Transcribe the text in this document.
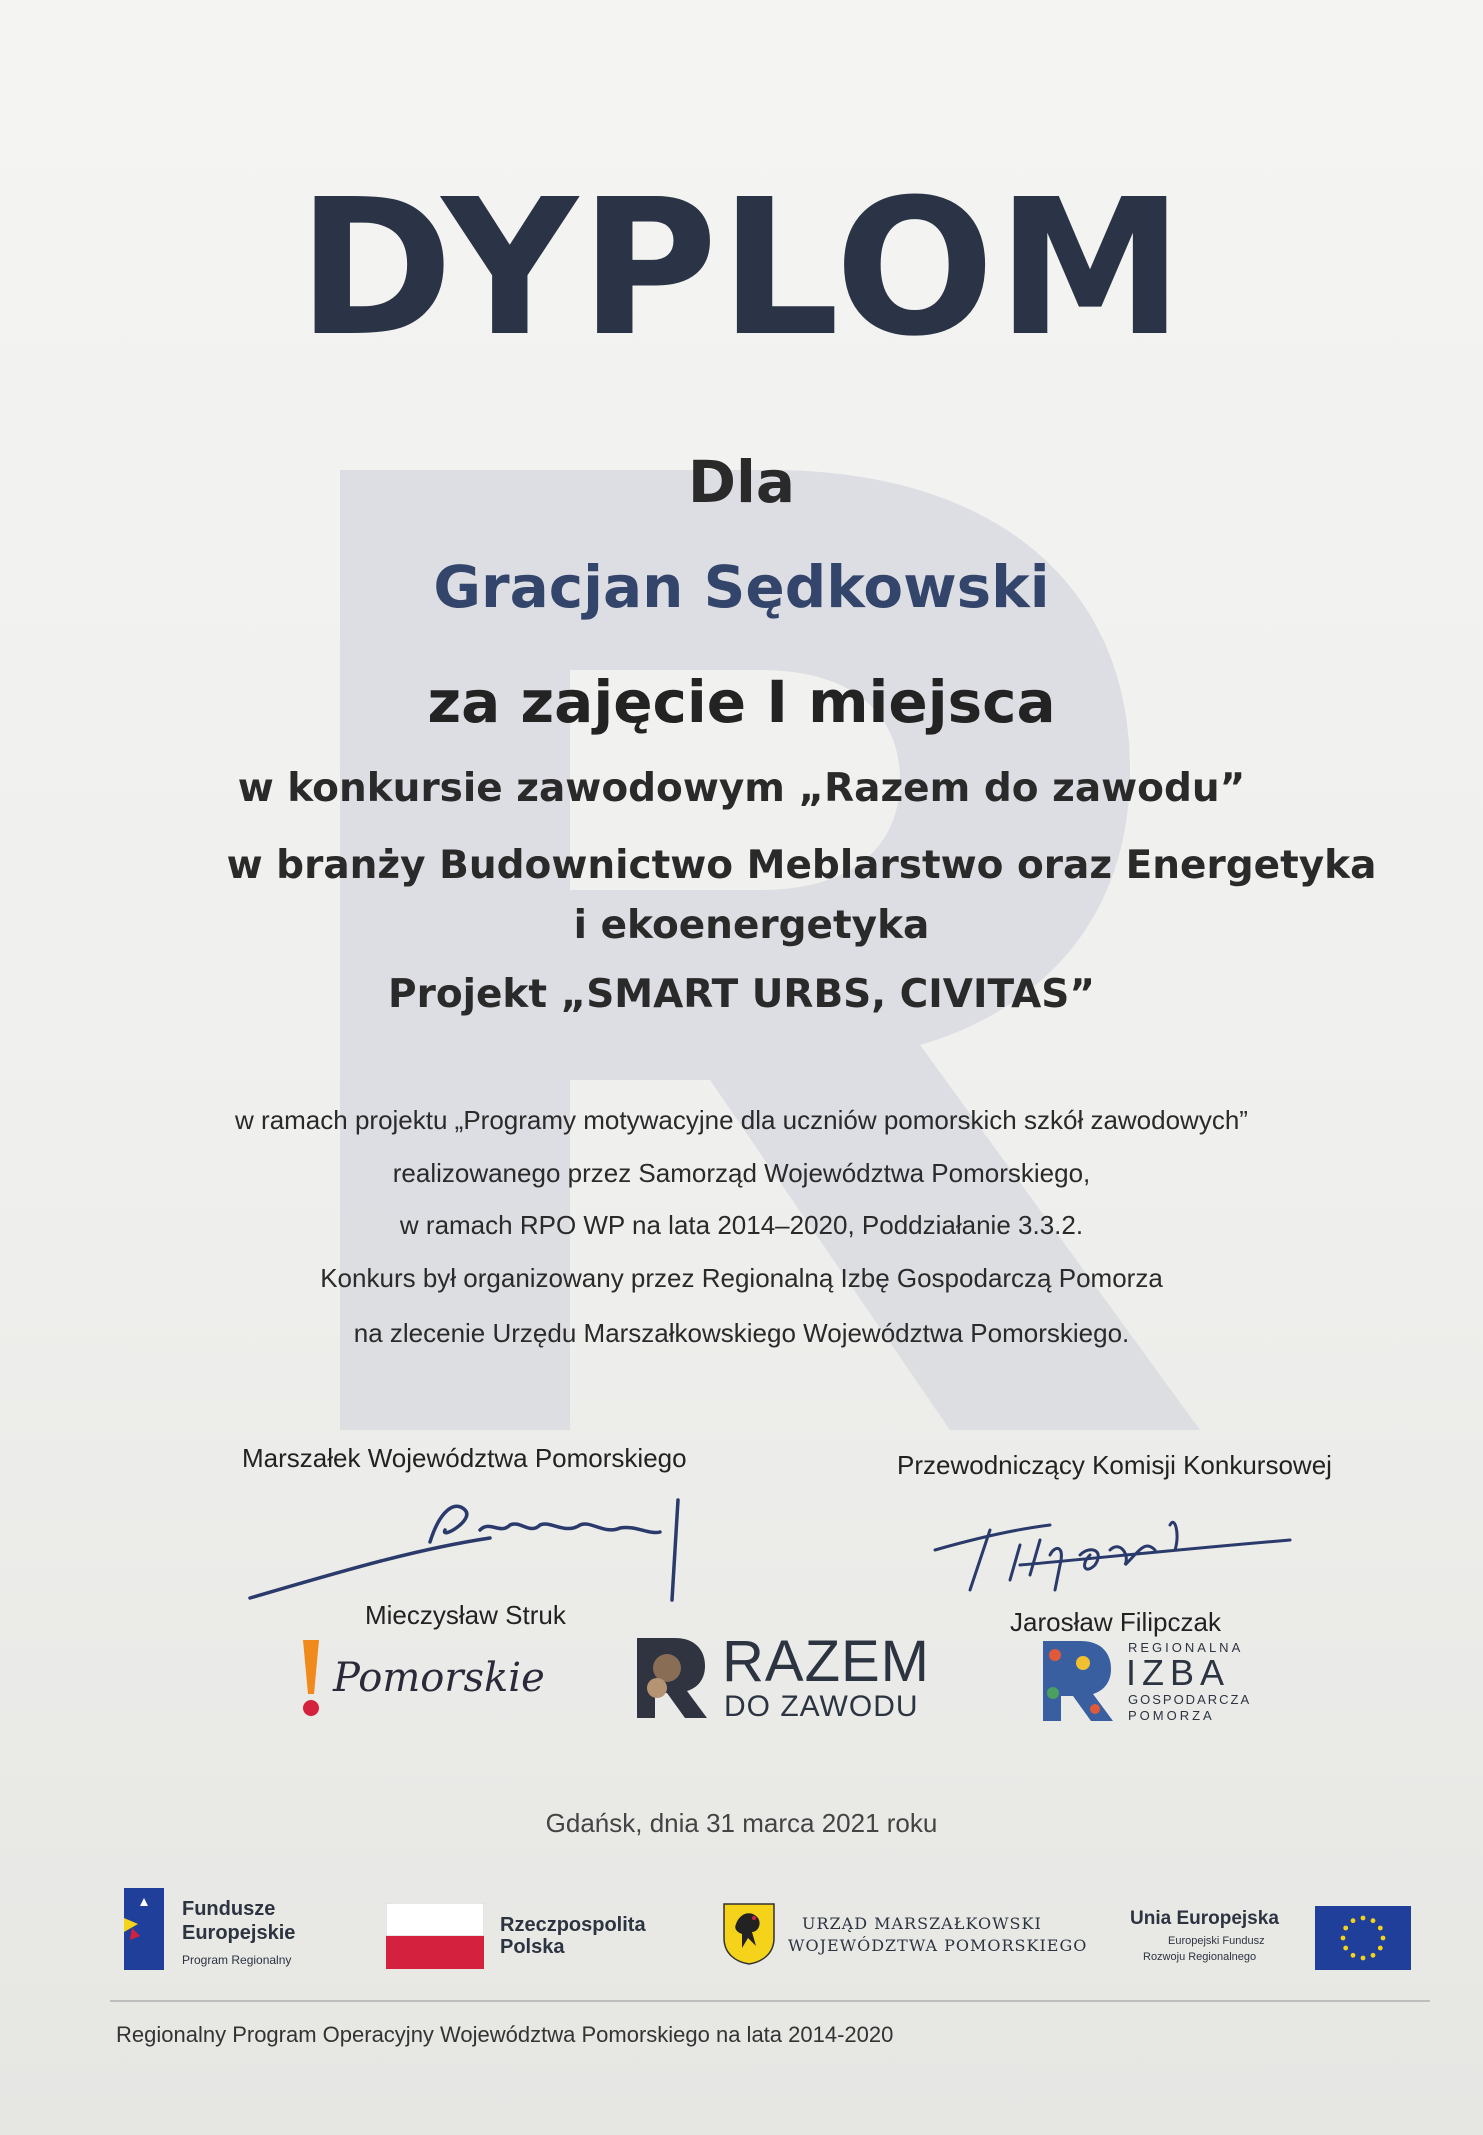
DYPLOM
Dla
Gracjan Sędkowski
za zajęcie I miejsca
w konkursie zawodowym „Razem do zawodu”
w branży Budownictwo Meblarstwo oraz Energetyka
i ekoenergetyka
Projekt „SMART URBS, CIVITAS”
w ramach projektu „Programy motywacyjne dla uczniów pomorskich szkół zawodowych”
realizowanego przez Samorząd Województwa Pomorskiego,
w ramach RPO WP na lata 2014–2020, Poddziałanie 3.3.2.
Konkurs był organizowany przez Regionalną Izbę Gospodarczą Pomorza
na zlecenie Urzędu Marszałkowskiego Województwa Pomorskiego.
Marszałek Województwa Pomorskiego	Przewodniczący Komisji Konkursowej
Mieczysław Struk	Jarosław Filipczak
Pomorskie	RAZEM
DO ZAWODU
REGIONALNA
IZBA
GOSPODARCZA
POMORZA
Gdańsk, dnia 31 marca 2021 roku
Fundusze
Europejskie
Program Regionalny
Rzeczpospolita
Polska
URZĄD MARSZAŁKOWSKI
WOJEWÓDZTWA POMORSKIEGO
Unia Europejska
Europejski Fundusz
Rozwoju Regionalnego
Regionalny Program Operacyjny Województwa Pomorskiego na lata 2014-2020
